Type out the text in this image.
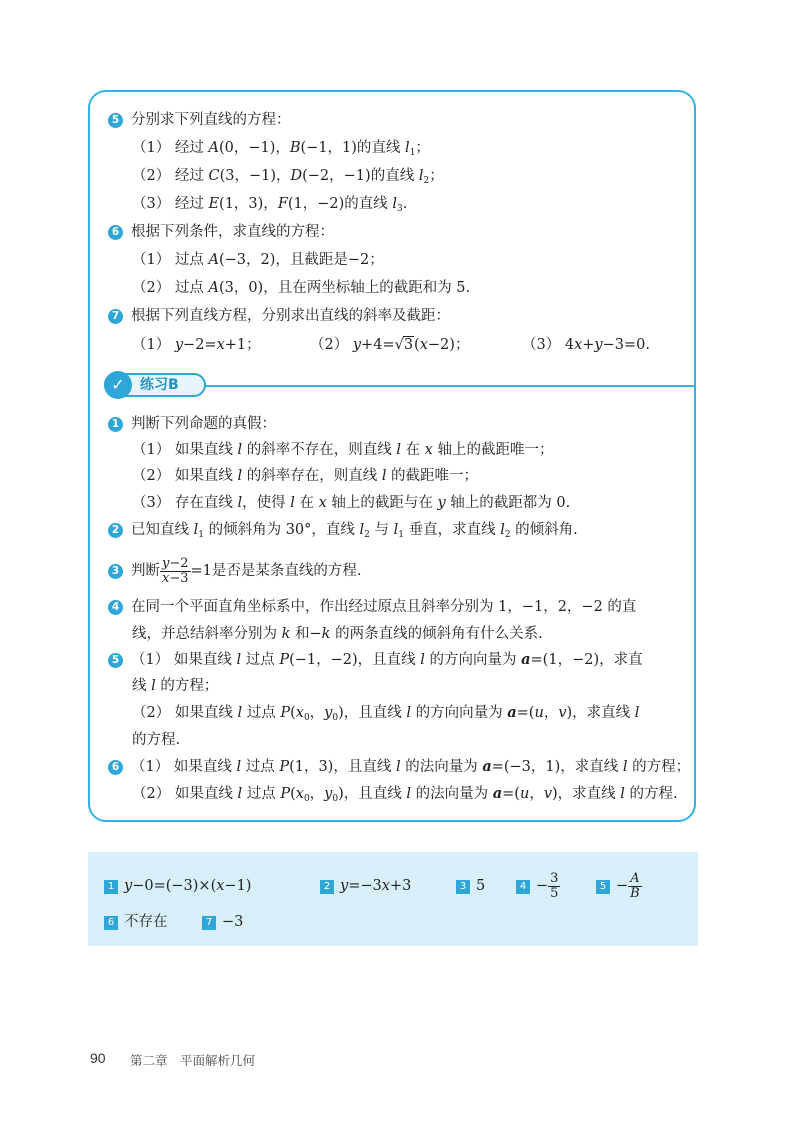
5 分别求下列直线的方程：
（1） 经过 A(0，−1)，B(−1，1)的直线 $l_1$；
（2） 经过 C(3，−1)，D(−2，−1)的直线 $l_2$；
（3） 经过 E(1，3)，F(1，−2)的直线 $l_3$.
6 根据下列条件，求直线的方程：
（1） 过点 A(−3，2)，且截距是−2；
（2） 过点 A(3，0)，且在两坐标轴上的截距和为 5.
7 根据下列直线方程，分别求出直线的斜率及截距：
（1） y−2=x+1；	（2） y+4=√3(x−2)；	（3） 4x+y−3=0.
✓	练习B
1 判断下列命题的真假：
（1） 如果直线 l 的斜率不存在，则直线 l 在 x 轴上的截距唯一；
（2） 如果直线 l 的斜率存在，则直线 l 的截距唯一；
（3） 存在直线 l，使得 l 在 x 轴上的截距与在 y 轴上的截距都为 0.
2 已知直线 $l_1$ 的倾斜角为 30°，直线 $l_2$ 与 $l_1$ 垂直，求直线 $l_2$ 的倾斜角.
3 判断 $\frac{y-2}{x-3} =1$是否是某条直线的方程.
4 在同一个平面直角坐标系中，作出经过原点且斜率分别为 1，−1，2，−2 的直
线，并总结斜率分别为 k 和−k 的两条直线的倾斜角有什么关系.
5 （1） 如果直线 l 过点 P(−1，−2)，且直线 l 的方向向量为 a=(1，−2)，求直
线 l 的方程；
（2） 如果直线 l 过点 $P(x_0$，$y_0$)，且直线 l 的方向向量为 a=(u，v)，求直线 l
的方程.
6 （1） 如果直线 l 过点 P(1，3)，且直线 l 的法向量为 a=(−3，1)，求直线 l 的方程；
（2） 如果直线 l 过点 $P(x_0$，$y_0$)，且直线 l 的法向量为 a=(u，v)，求直线 l 的方程.
1 y−0=(−3)×(x−1)	2 y=−3x+3	3 5	$4 - \frac{3}{5}$	$5 - \frac{A}{B}$
6 不存在	7 −3
90 第二章　平面解析几何
